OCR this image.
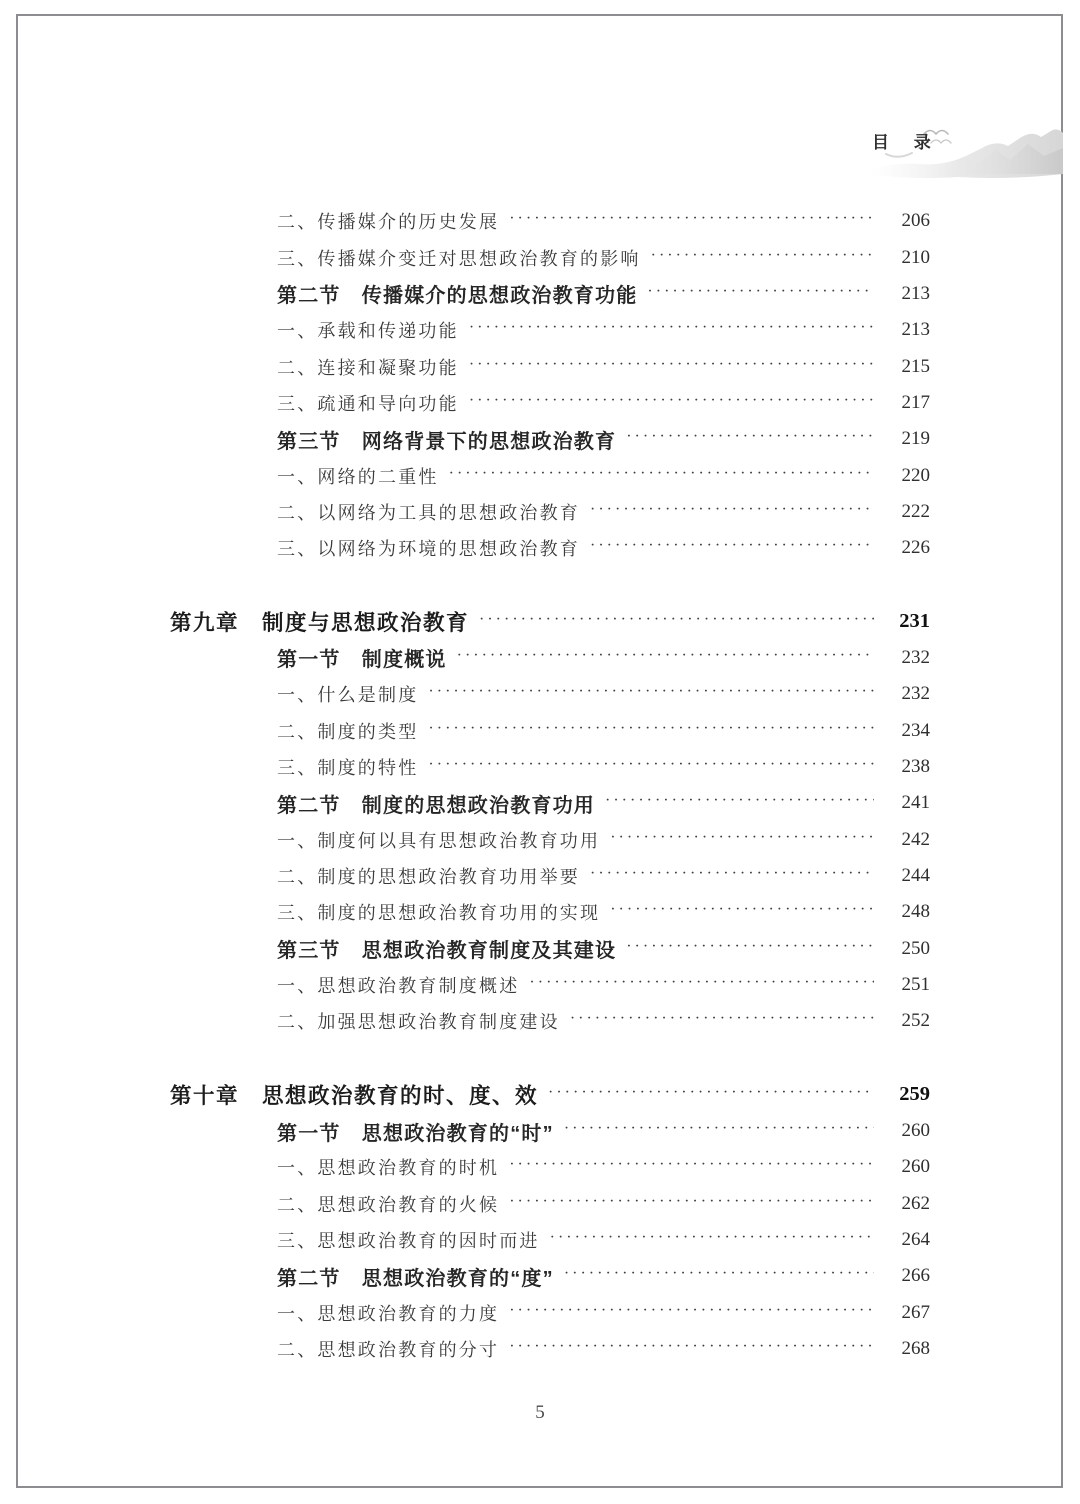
目 录
二、传播媒介的历史发展 ·····	206
三、传播媒介变迁对思想政治教育的影响 ·····	210
第二节　传播媒介的思想政治教育功能 ·····	213
一、承载和传递功能 ·····	213
二、连接和凝聚功能 ·····	215
三、疏通和导向功能 ·····	217
第三节　网络背景下的思想政治教育 ·····	219
一、网络的二重性 ·····	220
二、以网络为工具的思想政治教育 ·····	222
三、以网络为环境的思想政治教育 ·····	226
第九章　制度与思想政治教育 ·····	231
第一节　制度概说 ·····	232
一、什么是制度 ·····	232
二、制度的类型 ·····	234
三、制度的特性 ·····	238
第二节　制度的思想政治教育功用 ·····	241
一、制度何以具有思想政治教育功用 ·····	242
二、制度的思想政治教育功用举要 ·····	244
三、制度的思想政治教育功用的实现 ·····	248
第三节　思想政治教育制度及其建设 ·····	250
一、思想政治教育制度概述 ·····	251
二、加强思想政治教育制度建设 ·····	252
第十章　思想政治教育的时、度、效 ·····	259
第一节　思想政治教育的“时” ·····	260
一、思想政治教育的时机 ·····	260
二、思想政治教育的火候 ·····	262
三、思想政治教育的因时而进 ·····	264
第二节　思想政治教育的“度” ·····	266
一、思想政治教育的力度 ·····	267
二、思想政治教育的分寸 ·····	268
5
